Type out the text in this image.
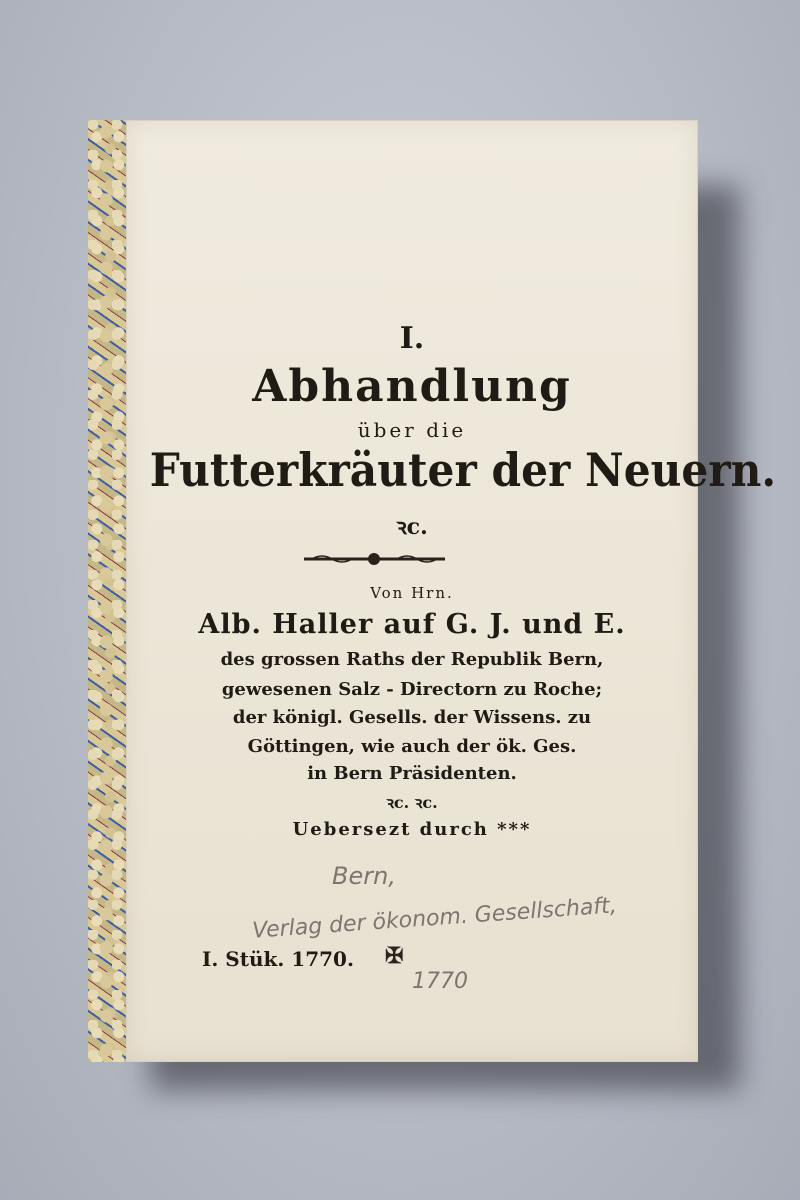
I.
Abhandlung
über die
Futterkräuter der Neuern.
ꝛc.
Von Hrn.
Alb. Haller auf G. J. und E.
des grossen Raths der Republik Bern,
gewesenen Salz - Directorn zu Roche;
der königl. Gesells. der Wissens. zu
Göttingen, wie auch der ök. Ges.
in Bern Präsidenten.
ꝛc. ꝛc.
Uebersezt durch ***
Bern,
Verlag der ökonom. Gesellschaft,
I. Stük. 1770. ✠
1770
